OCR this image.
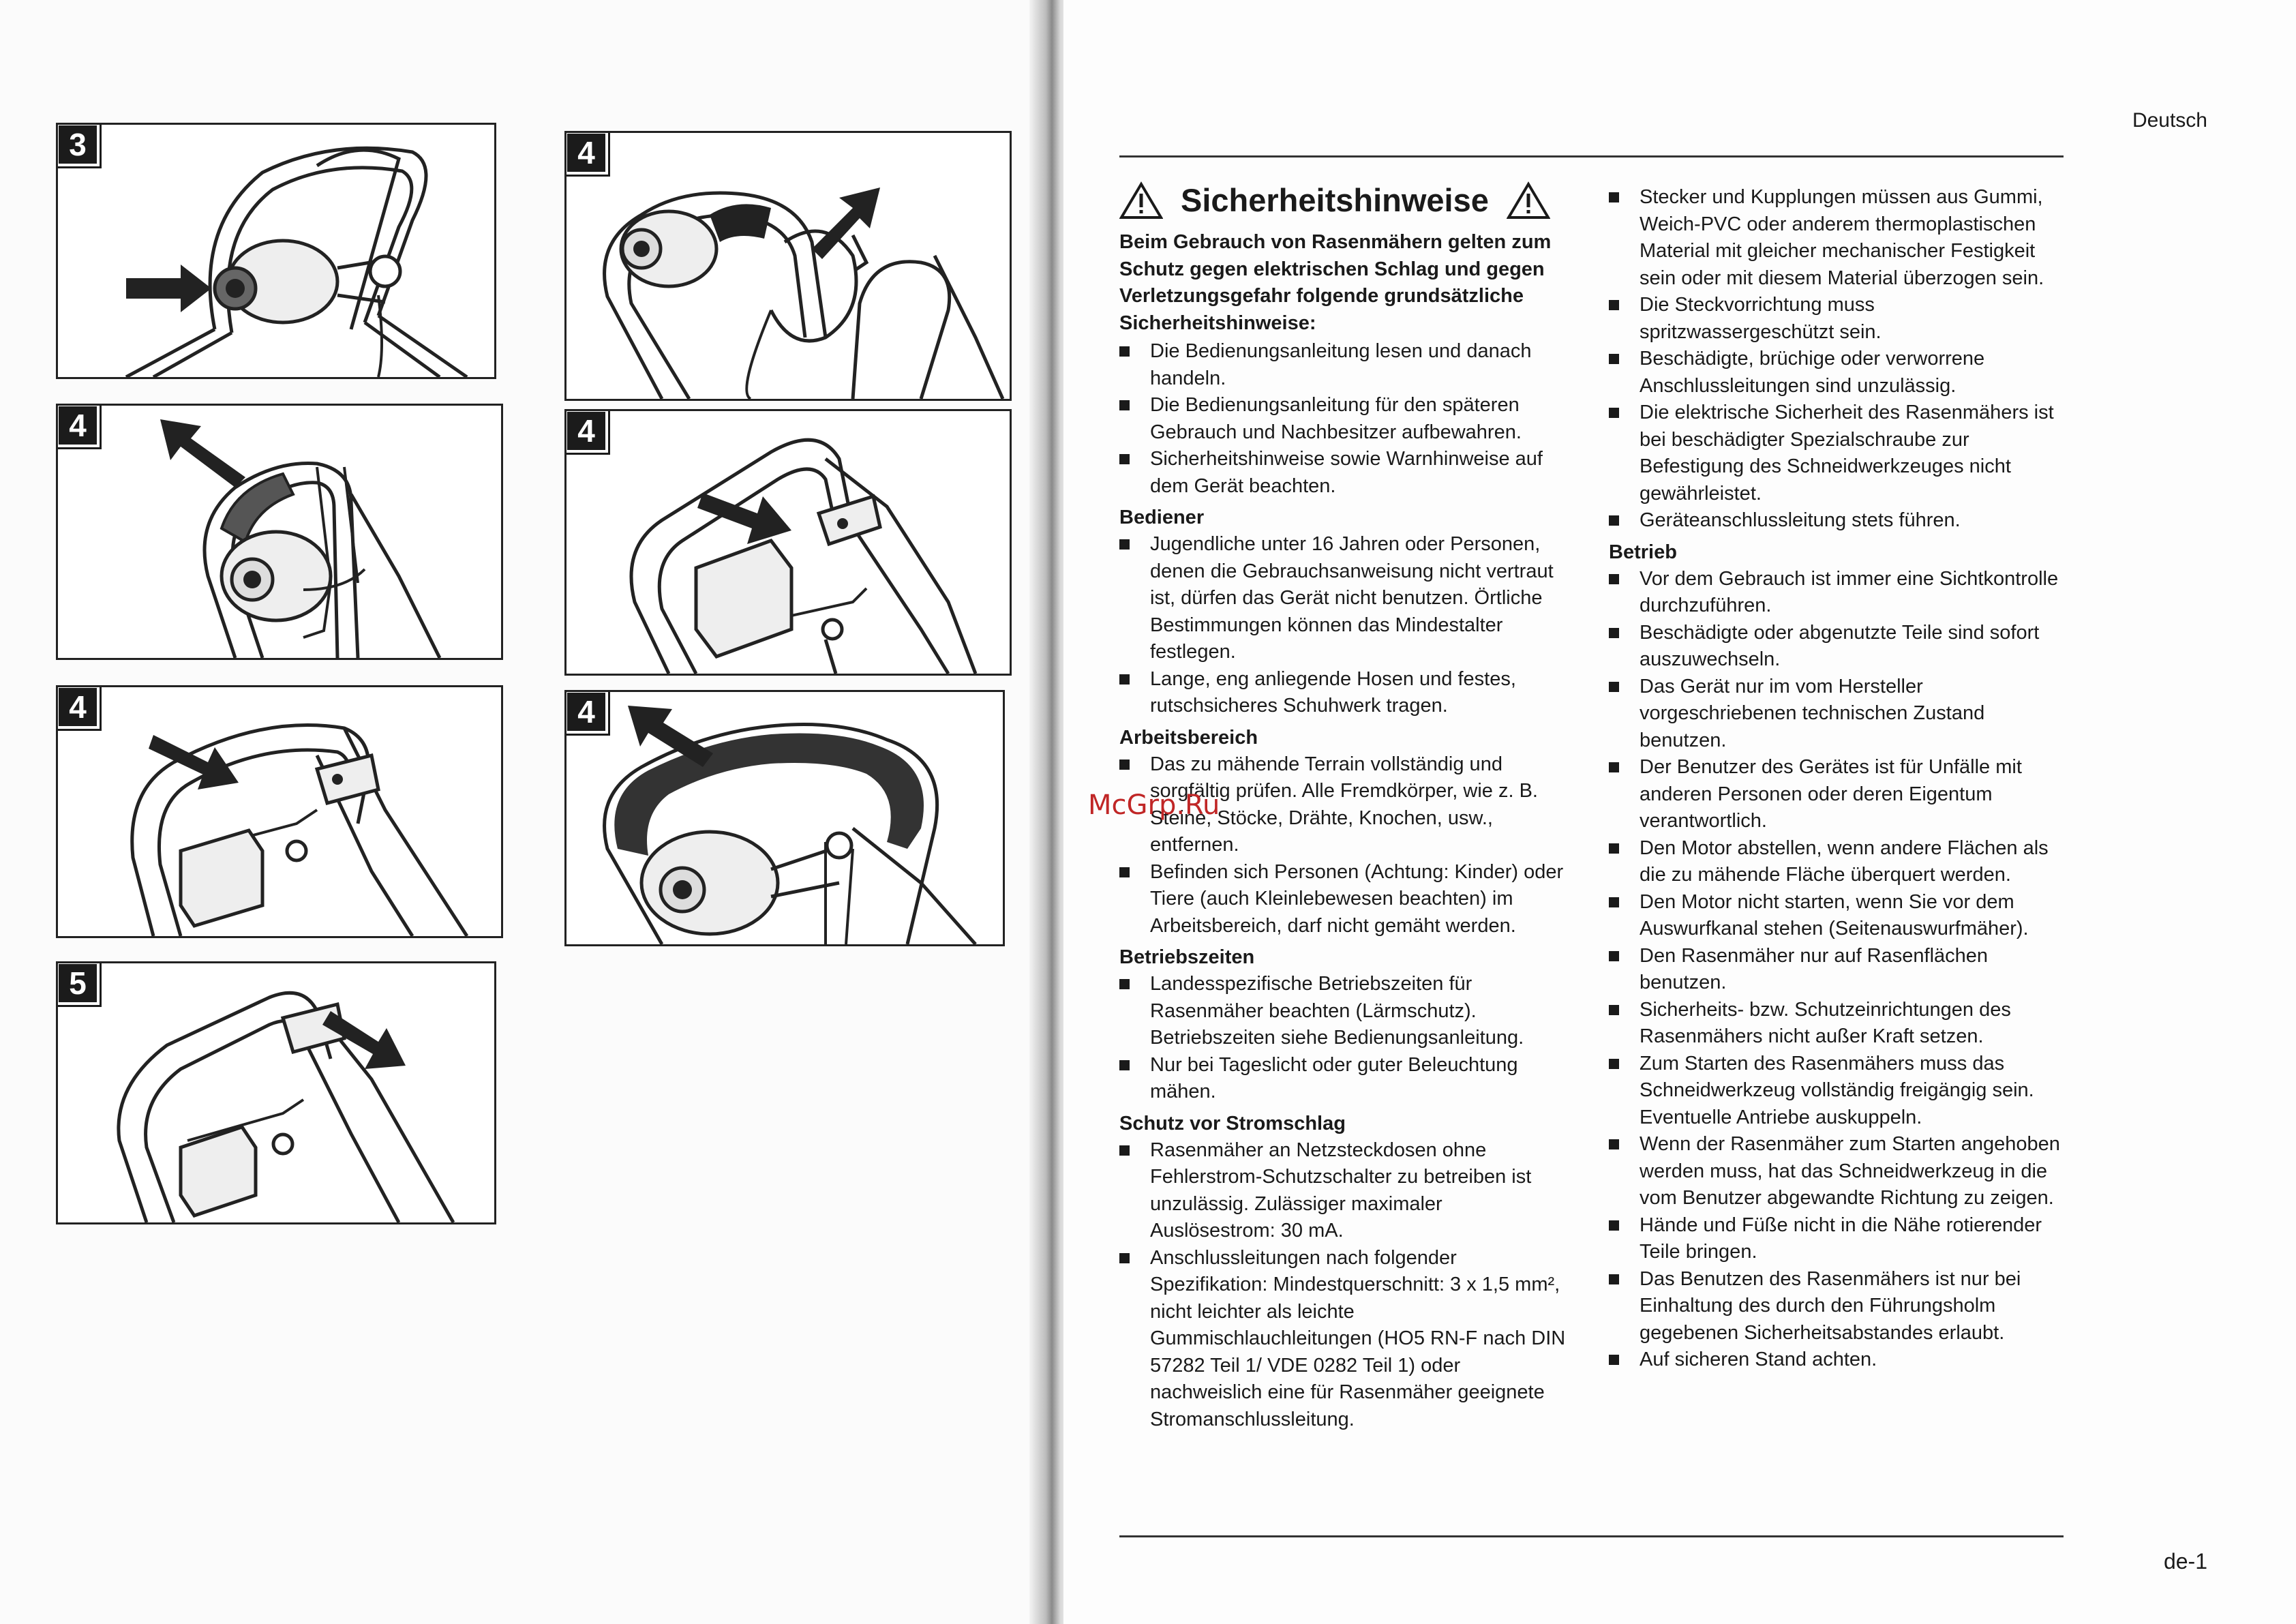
3	4
4	4
4	4
5
Deutsch
Sicherheitshinweise

Beim Gebrauch von Rasenmähern gelten zum Schutz gegen elektrischen Schlag und gegen Verletzungsgefahr folgende grundsätzliche Sicherheitshinweise:

Die Bedienungsanleitung lesen und danach handeln.
Die Bedienungsanleitung für den späteren Gebrauch und Nachbesitzer aufbewahren.
Sicherheitshinweise sowie Warnhinweise auf dem Gerät beachten.
Bediener
Jugendliche unter 16 Jahren oder Personen, denen die Gebrauchsanweisung nicht vertraut ist, dürfen das Gerät nicht benutzen. Örtliche Bestimmungen können das Mindestalter festlegen.
Lange, eng anliegende Hosen und festes, rutschsicheres Schuhwerk tragen.
Arbeitsbereich
Das zu mähende Terrain vollständig und sorgfältig prüfen. Alle Fremdkörper, wie z. B. Steine, Stöcke, Drähte, Knochen, usw., entfernen.
Befinden sich Personen (Achtung: Kinder) oder Tiere (auch Kleinlebewesen beachten) im Arbeitsbereich, darf nicht gemäht werden.
Betriebszeiten
Landesspezifische Betriebszeiten für Rasenmäher beachten (Lärmschutz). Betriebszeiten siehe Bedienungsanleitung.
Nur bei Tageslicht oder guter Beleuchtung mähen.
Schutz vor Stromschlag
Rasenmäher an Netzsteckdosen ohne Fehlerstrom-Schutzschalter zu betreiben ist unzulässig. Zulässiger maximaler Auslösestrom: 30 mA.
Anschlussleitungen nach folgender Spezifikation: Mindestquerschnitt: 3 x 1,5 mm², nicht leichter als leichte Gummischlauchleitungen (HO5 RN-F nach DIN 57282 Teil 1/ VDE 0282 Teil 1) oder nachweislich eine für Rasenmäher geeignete Stromanschlussleitung.
Stecker und Kupplungen müssen aus Gummi, Weich-PVC oder anderem thermoplastischen Material mit gleicher mechanischer Festigkeit sein oder mit diesem Material überzogen sein.
Die Steckvorrichtung muss spritzwassergeschützt sein.
Beschädigte, brüchige oder verworrene Anschlussleitungen sind unzulässig.
Die elektrische Sicherheit des Rasenmähers ist bei beschädigter Spezialschraube zur Befestigung des Schneidwerkzeuges nicht gewährleistet.
Geräteanschlussleitung stets führen.
Betrieb
Vor dem Gebrauch ist immer eine Sichtkontrolle durchzuführen.
Beschädigte oder abgenutzte Teile sind sofort auszuwechseln.
Das Gerät nur im vom Hersteller vorgeschriebenen technischen Zustand benutzen.
Der Benutzer des Gerätes ist für Unfälle mit anderen Personen oder deren Eigentum verantwortlich.
Den Motor abstellen, wenn andere Flächen als die zu mähende Fläche überquert werden.
Den Motor nicht starten, wenn Sie vor dem Auswurfkanal stehen (Seitenauswurfmäher).
Den Rasenmäher nur auf Rasenflächen benutzen.
Sicherheits- bzw. Schutzeinrichtungen des Rasenmähers nicht außer Kraft setzen.
Zum Starten des Rasenmähers muss das Schneidwerkzeug vollständig freigängig sein. Eventuelle Antriebe auskuppeln.
Wenn der Rasenmäher zum Starten angehoben werden muss, hat das Schneidwerkzeug in die vom Benutzer abgewandte Richtung zu zeigen.
Hände und Füße nicht in die Nähe rotierender Teile bringen.
Das Benutzen des Rasenmähers ist nur bei Einhaltung des durch den Führungsholm gegebenen Sicherheitsabstandes erlaubt.
Auf sicheren Stand achten.
McGrp.Ru
de-1
